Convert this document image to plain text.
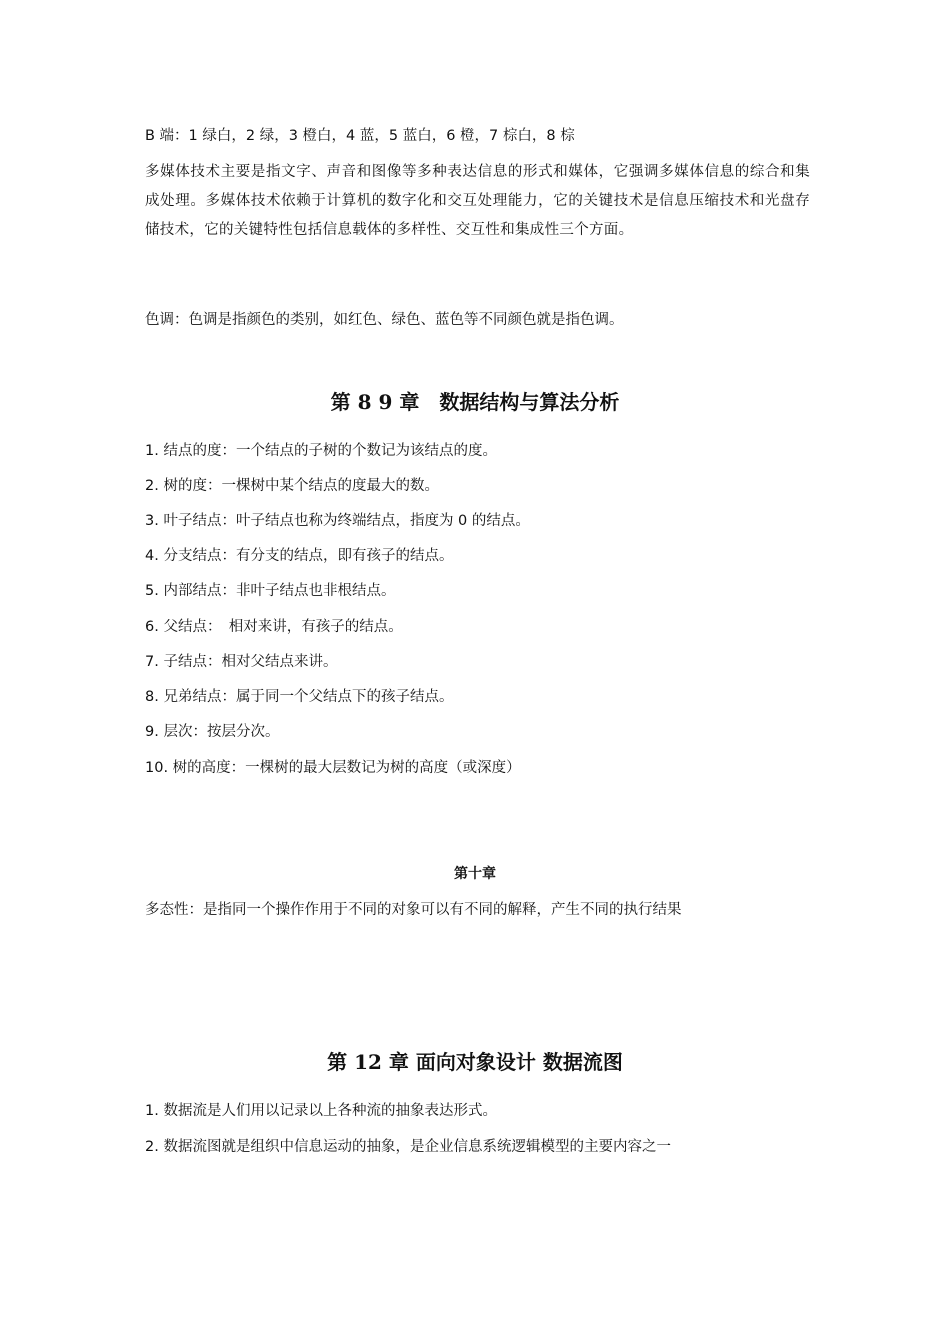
B 端：1 绿白，2 绿，3 橙白，4 蓝，5 蓝白，6 橙，7 棕白，8 棕

多媒体技术主要是指文字、声音和图像等多种表达信息的形式和媒体，它强调多媒体信息的综合和集成处理。多媒体技术依赖于计算机的数字化和交互处理能力，它的关键技术是信息压缩技术和光盘存储技术，它的关键特性包括信息载体的多样性、交互性和集成性三个方面。

色调：色调是指颜色的类别，如红色、绿色、蓝色等不同颜色就是指色调。

第 8 9 章　数据结构与算法分析

1. 结点的度：一个结点的子树的个数记为该结点的度。

2. 树的度：一棵树中某个结点的度最大的数。

3. 叶子结点：叶子结点也称为终端结点，指度为 0 的结点。

4. 分支结点：有分支的结点，即有孩子的结点。

5. 内部结点：非叶子结点也非根结点。

6. 父结点：　相对来讲，有孩子的结点。

7. 子结点：相对父结点来讲。

8. 兄弟结点：属于同一个父结点下的孩子结点。

9. 层次：按层分次。

10. 树的高度：一棵树的最大层数记为树的高度（或深度）

第十章

多态性：是指同一个操作作用于不同的对象可以有不同的解释，产生不同的执行结果

第 12 章 面向对象设计 数据流图

1. 数据流是人们用以记录以上各种流的抽象表达形式。

2. 数据流图就是组织中信息运动的抽象，是企业信息系统逻辑模型的主要内容之一
